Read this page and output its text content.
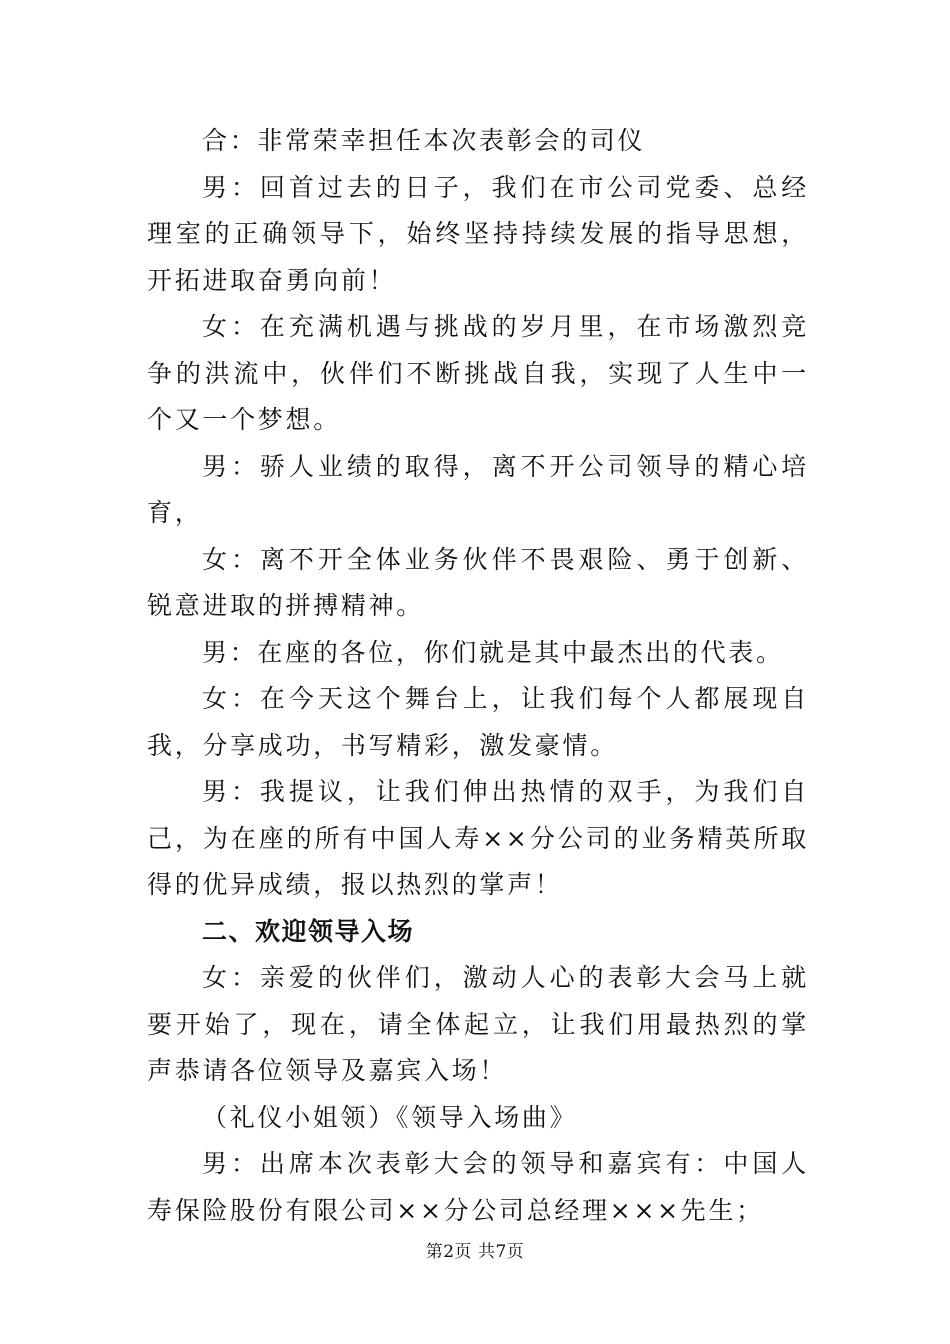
合：非常荣幸担任本次表彰会的司仪

男：回首过去的日子，我们在市公司党委、总经理室的正确领导下，始终坚持持续发展的指导思想，开拓进取奋勇向前！

女：在充满机遇与挑战的岁月里，在市场激烈竞争的洪流中，伙伴们不断挑战自我，实现了人生中一个又一个梦想。

男：骄人业绩的取得，离不开公司领导的精心培育，

女：离不开全体业务伙伴不畏艰险、勇于创新、锐意进取的拼搏精神。

男：在座的各位，你们就是其中最杰出的代表。

女：在今天这个舞台上，让我们每个人都展现自我，分享成功，书写精彩，激发豪情。

男：我提议，让我们伸出热情的双手，为我们自己，为在座的所有中国人寿××分公司的业务精英所取得的优异成绩，报以热烈的掌声！

二、欢迎领导入场

女：亲爱的伙伴们，激动人心的表彰大会马上就要开始了，现在，请全体起立，让我们用最热烈的掌声恭请各位领导及嘉宾入场！

（礼仪小姐领）《领导入场曲》

男：出席本次表彰大会的领导和嘉宾有：中国人寿保险股份有限公司××分公司总经理×××先生；

第2页 共7页
